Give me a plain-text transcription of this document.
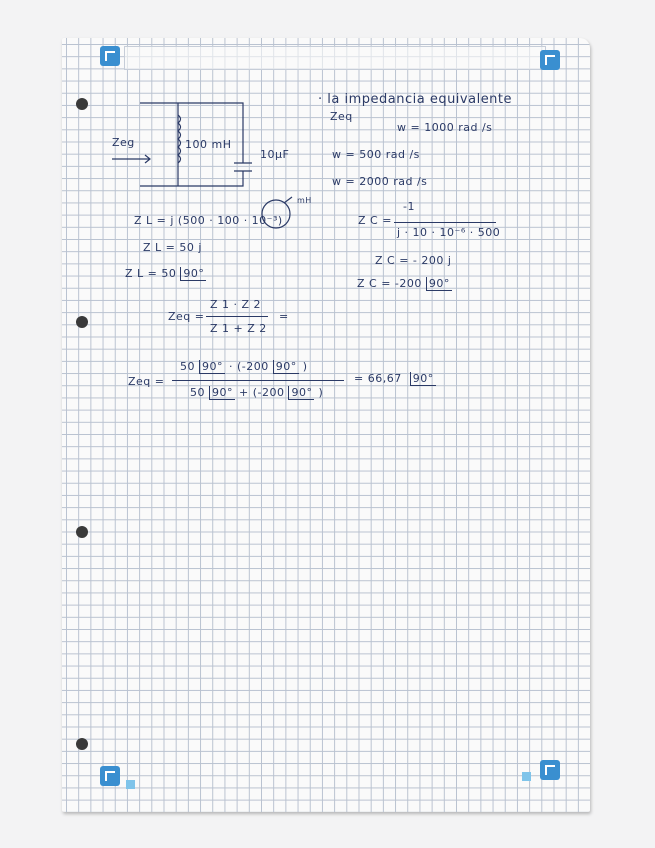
Zeg	100 mH
10µF
· la impedancia equivalente
Zeq
w = 1000 rad /s
w = 500 rad /s
w = 2000 rad /s
Z L = j (500 · 100 · 10⁻³)
mH
Z L = 50 j
Z L = 50 90°
Z C =
-1
j · 10 · 10⁻⁶ · 500
Z C = - 200 j
Z C = -200 90°
Zeq =
Z 1 · Z 2
Z 1 + Z 2
=
Zeq =
50 90° · (-200 90° )
50 90° + (-200 90° )
= 66,67 90°
